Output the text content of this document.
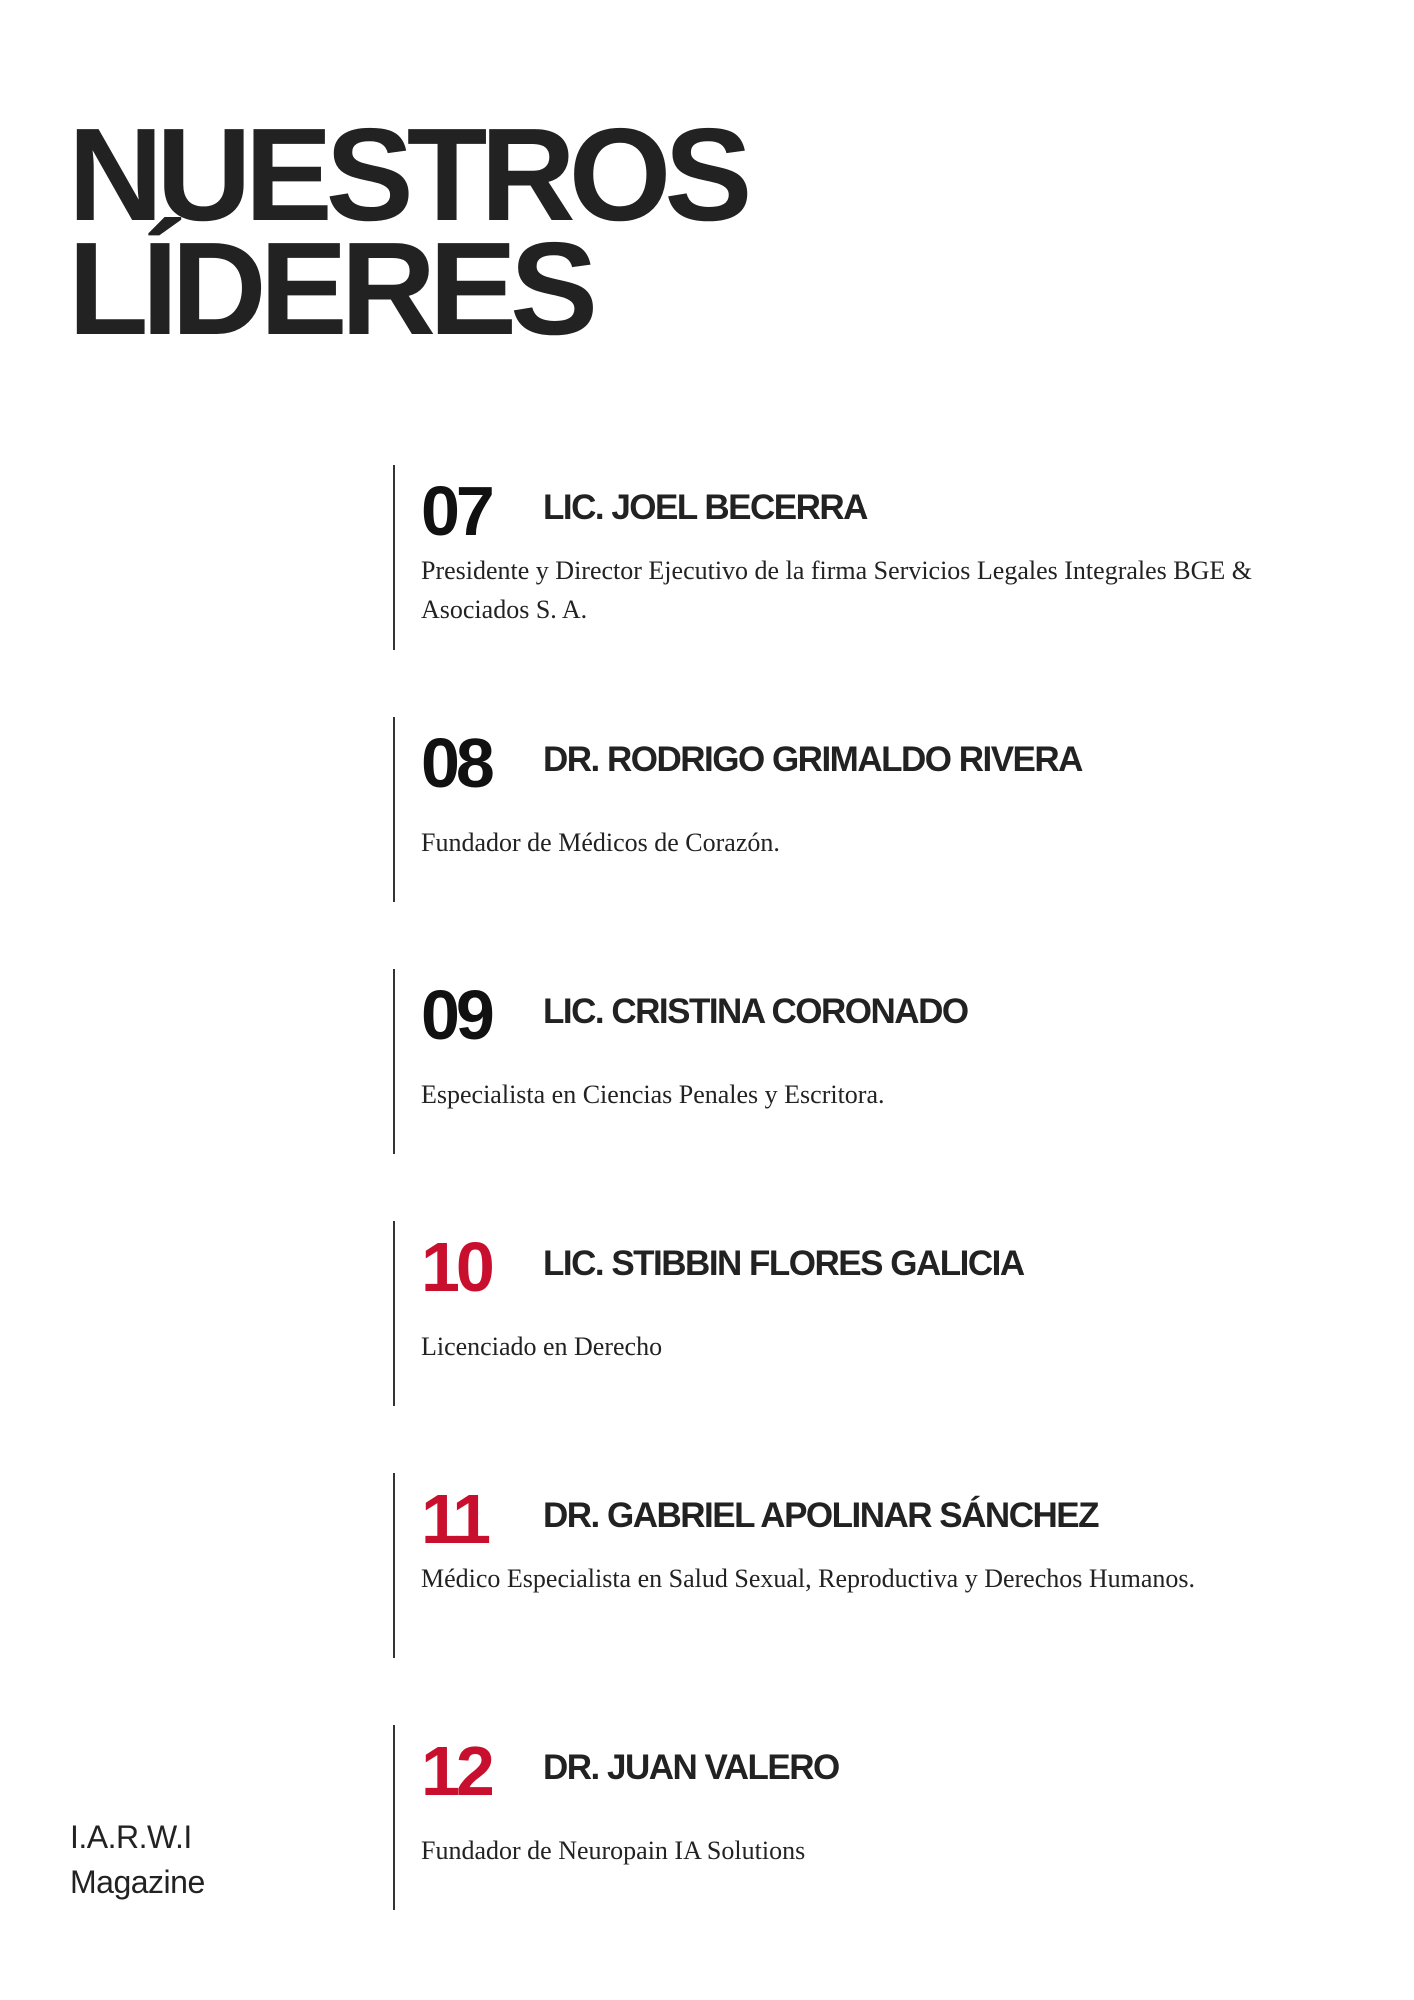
NUESTROS
LÍDERES
07 LIC. JOEL BECERRA
Presidente y Director Ejecutivo de la firma Servicios Legales Integrales BGE & Asociados S. A.
08 DR. RODRIGO GRIMALDO RIVERA
Fundador de Médicos de Corazón.
09 LIC. CRISTINA CORONADO
Especialista en Ciencias Penales y Escritora.
10 LIC. STIBBIN FLORES GALICIA
Licenciado en Derecho
11 DR. GABRIEL APOLINAR SÁNCHEZ
Médico Especialista en Salud Sexual, Reproductiva y Derechos Humanos.
12 DR. JUAN VALERO
Fundador de Neuropain IA Solutions
I.A.R.W.I
Magazine
